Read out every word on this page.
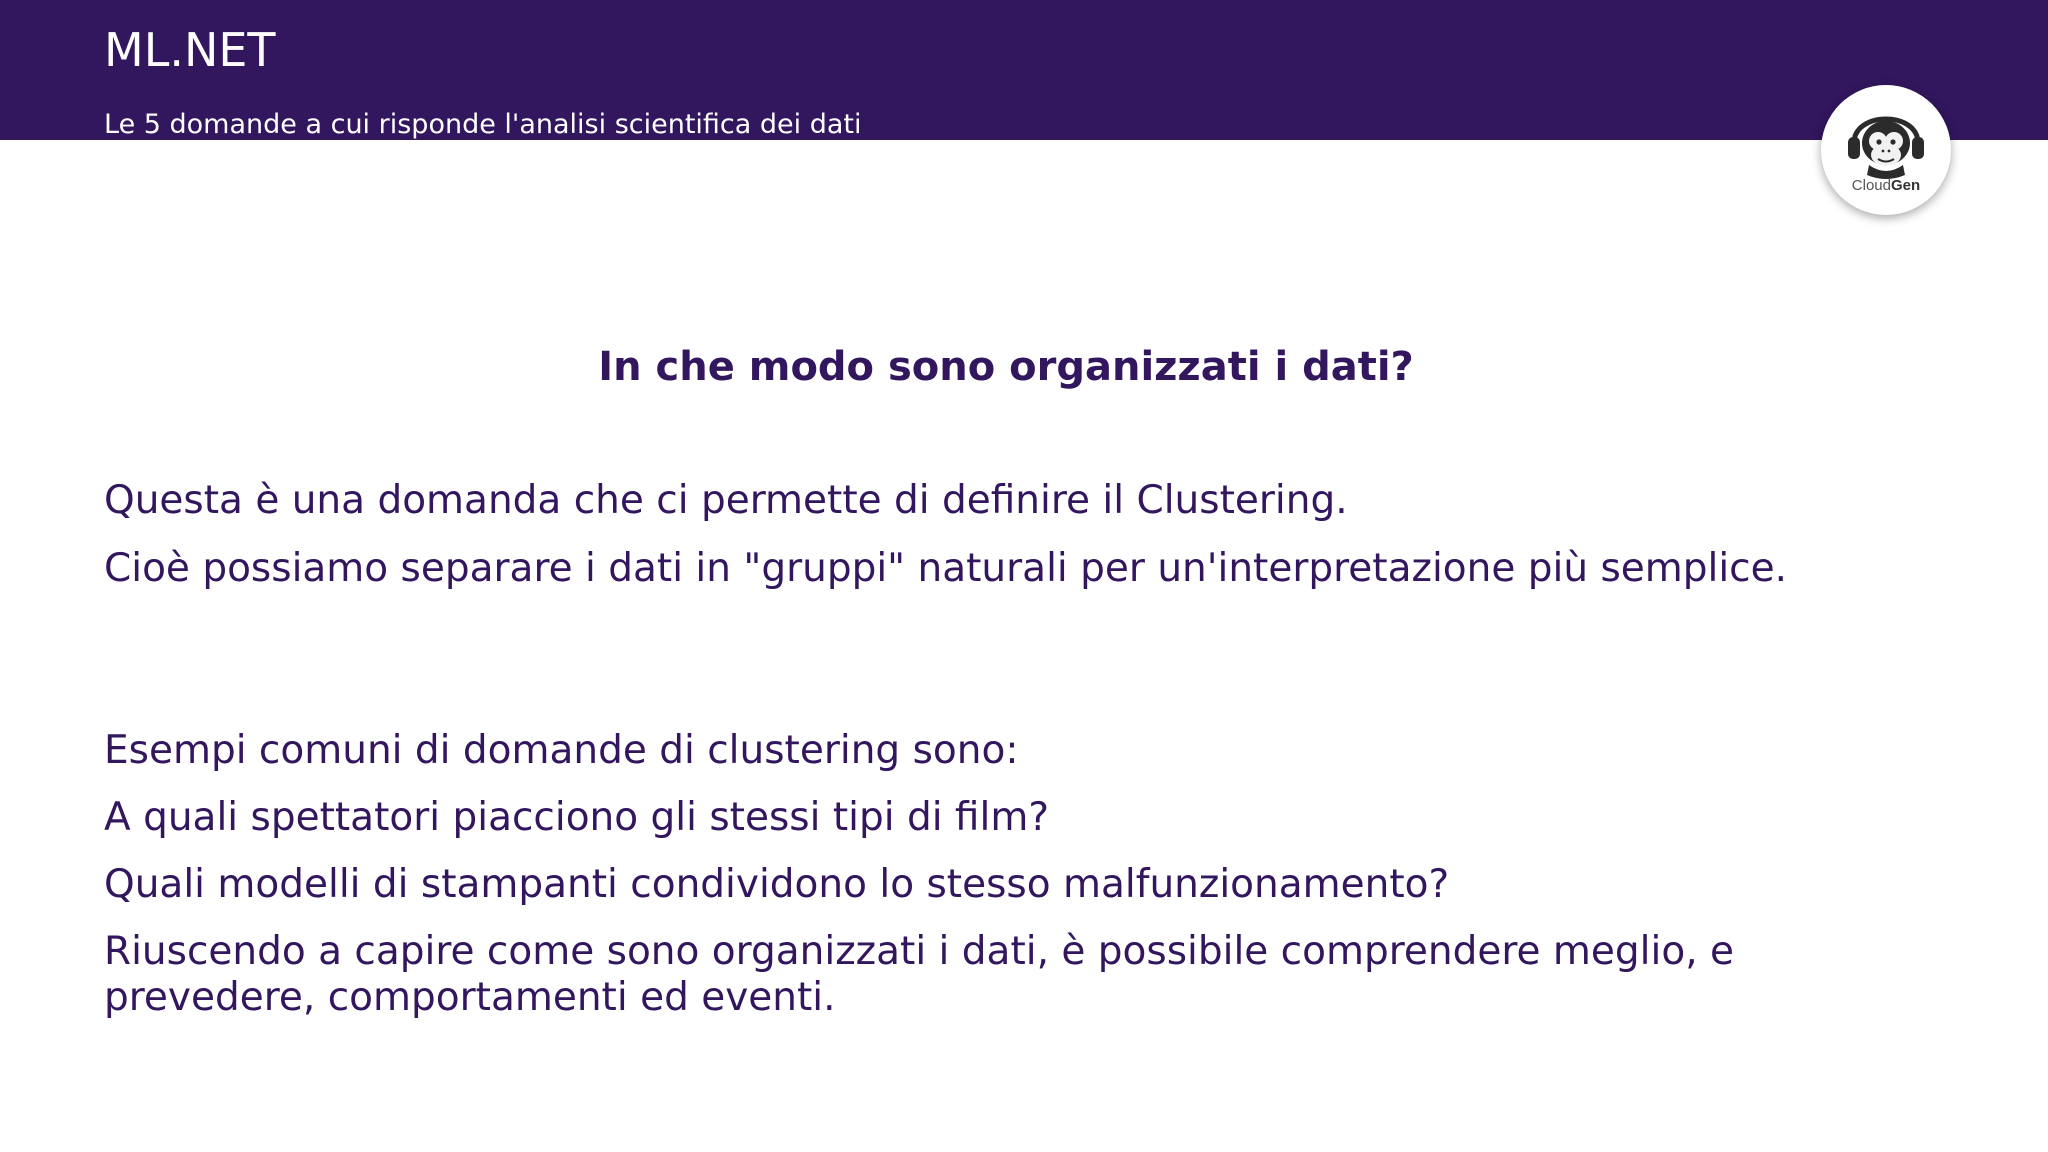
ML.NET

Le 5 domande a cui risponde l'analisi scientifica dei dati

CloudGen
In che modo sono organizzati i dati?

Questa è una domanda che ci permette di definire il Clustering.

Cioè possiamo separare i dati in "gruppi" naturali per un'interpretazione più semplice.

Esempi comuni di domande di clustering sono:

A quali spettatori piacciono gli stessi tipi di film?

Quali modelli di stampanti condividono lo stesso malfunzionamento?

Riuscendo a capire come sono organizzati i dati, è possibile comprendere meglio, e prevedere, comportamenti ed eventi.
